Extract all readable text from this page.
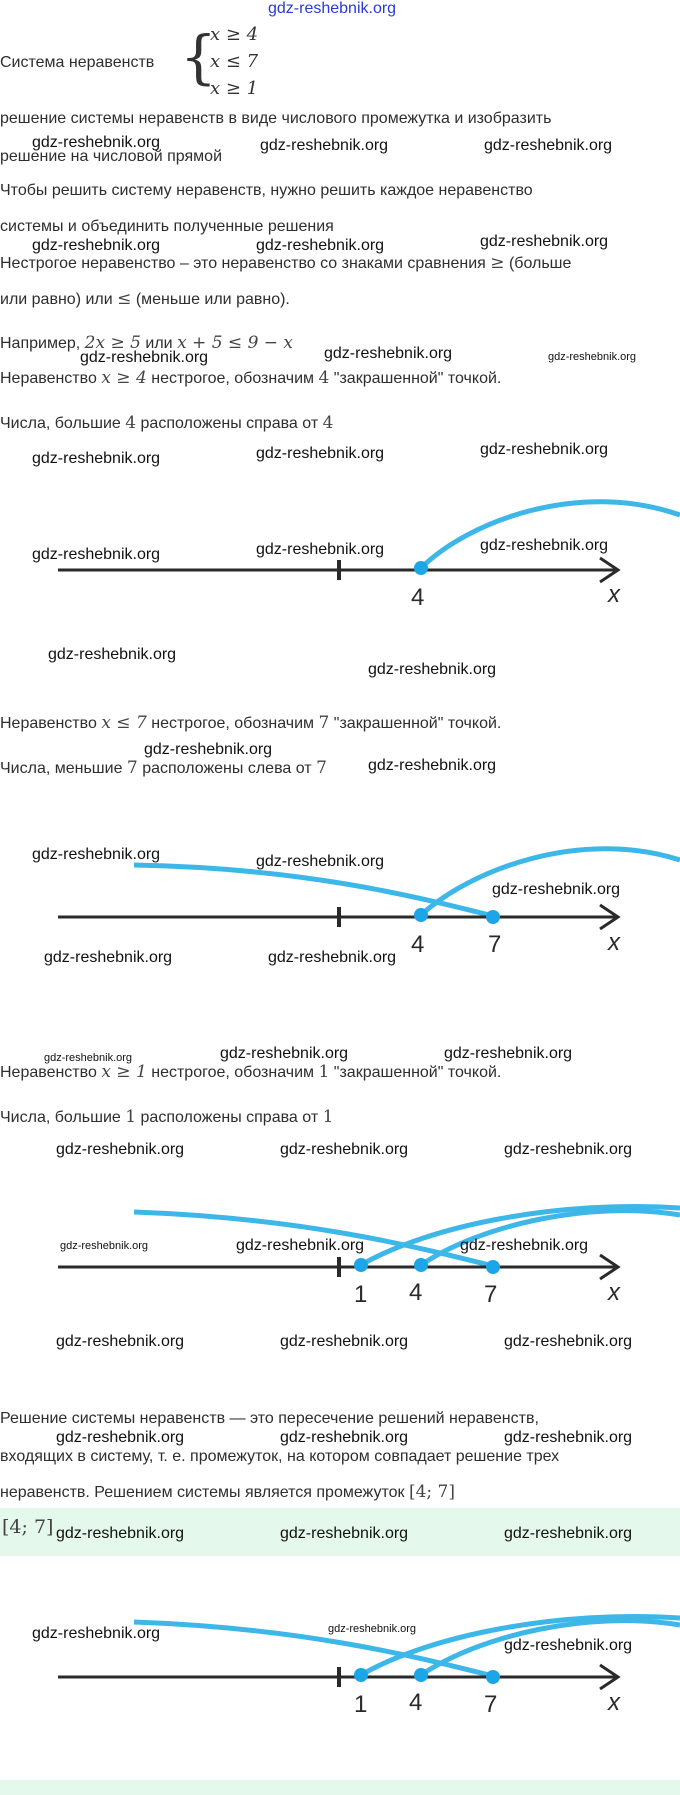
gdz-reshebnik.org
Система неравенств {
x ≥ 4
x ≤ 7
x ≥ 1
решение системы неравенств в виде числового промежутка и изобразить
решение на числовой прямой
Чтобы решить систему неравенств, нужно решить каждое неравенство
системы и объединить полученные решения
Нестрогое неравенство – это неравенство со знаками сравнения ≥ (больше
или равно) или ≤ (меньше или равно).
Например, 2x ≥ 5 или x + 5 ≤ 9 − x
Неравенство x ≥ 4 нестрогое, обозначим 4 "закрашенной" точкой.
Числа, большие 4 расположены справа от 4
4	x
Неравенство x ≤ 7 нестрогое, обозначим 7 "закрашенной" точкой.
Числа, меньшие 7 расположены слева от 7
4	7	x
Неравенство x ≥ 1 нестрогое, обозначим 1 "закрашенной" точкой.
Числа, большие 1 расположены справа от 1
1 4	7	x
Решение системы неравенств — это пересечение решений неравенств,
входящих в систему, т. е. промежуток, на котором совпадает решение трех
неравенств. Решением системы является промежуток [4; 7]
[4; 7]
1 4	7	x
gdz-reshebnik.org	gdz-reshebnik.org	gdz-reshebnik.org
gdz-reshebnik.org	gdz-reshebnik.org	gdz-reshebnik.org
gdz-reshebnik.org	gdz-reshebnik.org	gdz-reshebnik.org
gdz-reshebnik.org	gdz-reshebnik.org	gdz-reshebnik.org
gdz-reshebnik.org	gdz-reshebnik.org	gdz-reshebnik.org
gdz-reshebnik.org
gdz-reshebnik.org
gdz-reshebnik.org
gdz-reshebnik.org
gdz-reshebnik.org	gdz-reshebnik.org
gdz-reshebnik.org
gdz-reshebnik.org	gdz-reshebnik.org
gdz-reshebnik.org	gdz-reshebnik.org	gdz-reshebnik.org
gdz-reshebnik.org	gdz-reshebnik.org	gdz-reshebnik.org
gdz-reshebnik.org	gdz-reshebnik.org	gdz-reshebnik.org
gdz-reshebnik.org	gdz-reshebnik.org	gdz-reshebnik.org
gdz-reshebnik.org	gdz-reshebnik.org	gdz-reshebnik.org
gdz-reshebnik.org	gdz-reshebnik.org	gdz-reshebnik.org
gdz-reshebnik.org	gdz-reshebnik.org
gdz-reshebnik.org
